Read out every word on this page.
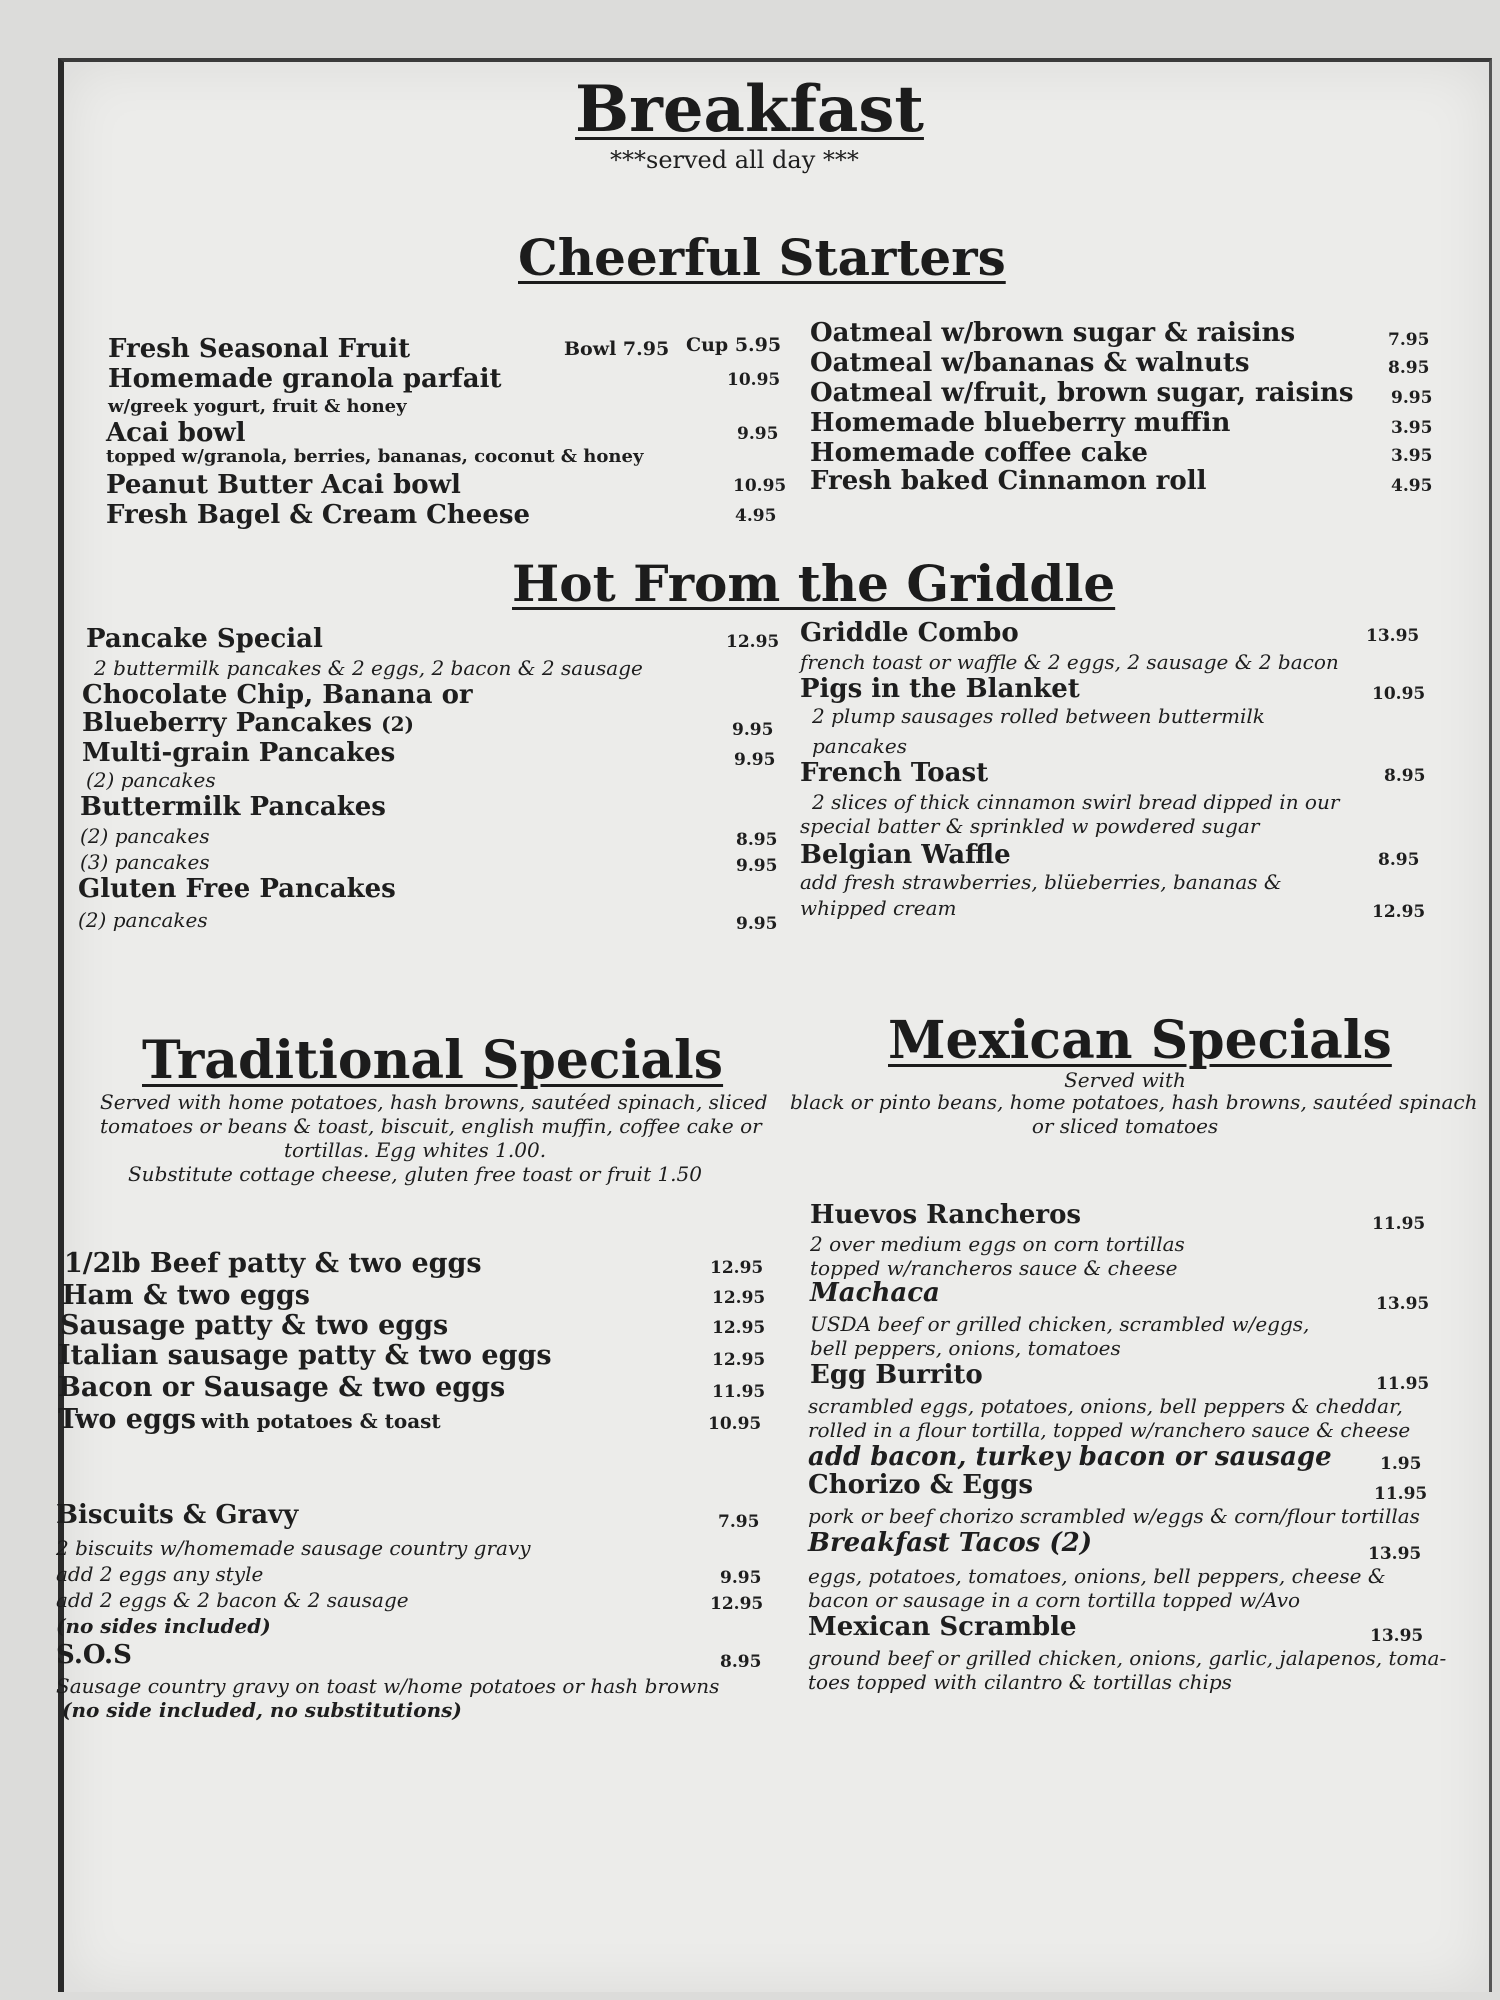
Breakfast
***served all day ***
Cheerful Starters
Fresh Seasonal Fruit	Bowl 7.95 Cup 5.95
Homemade granola parfait	10.95
w/greek yogurt, fruit & honey
Acai bowl	9.95
topped w/granola, berries, bananas, coconut & honey
Peanut Butter Acai bowl	10.95
Fresh Bagel & Cream Cheese	4.95
Oatmeal w/brown sugar & raisins	7.95
Oatmeal w/bananas & walnuts	8.95
Oatmeal w/fruit, brown sugar, raisins 9.95
Homemade blueberry muffin	3.95
Homemade coffee cake	3.95
Fresh baked Cinnamon roll	4.95
Hot From the Griddle
Pancake Special	12.95
2 buttermilk pancakes & 2 eggs, 2 bacon & 2 sausage
Chocolate Chip, Banana or
Blueberry Pancakes (2)	9.95
Multi-grain Pancakes	9.95
(2) pancakes
Buttermilk Pancakes
(2) pancakes	8.95
(3) pancakes	9.95
Gluten Free Pancakes
(2) pancakes	9.95
Griddle Combo	13.95
french toast or waffle & 2 eggs, 2 sausage & 2 bacon
Pigs in the Blanket	10.95
2 plump sausages rolled between buttermilk
pancakes
French Toast	8.95
2 slices of thick cinnamon swirl bread dipped in our
special batter & sprinkled w powdered sugar
Belgian Waffle	8.95
add fresh strawberries, blüeberries, bananas &
whipped cream	12.95
Traditional Specials
Served with home potatoes, hash browns, sautéed spinach, sliced
tomatoes or beans & toast, biscuit, english muffin, coffee cake or
tortillas. Egg whites 1.00.
Substitute cottage cheese, gluten free toast or fruit 1.50
1/2lb Beef patty & two eggs	12.95
Ham & two eggs	12.95
Sausage patty & two eggs	12.95
Italian sausage patty & two eggs	12.95
Bacon or Sausage & two eggs	11.95
Two eggs with potatoes & toast	10.95
Biscuits & Gravy	7.95
2 biscuits w/homemade sausage country gravy
add 2 eggs any style	9.95
add 2 eggs & 2 bacon & 2 sausage	12.95
(no sides included)
S.O.S	8.95
Sausage country gravy on toast w/home potatoes or hash browns
(no side included, no substitutions)
Mexican Specials
Served with
black or pinto beans, home potatoes, hash browns, sautéed spinach
or sliced tomatoes
Huevos Rancheros	11.95
2 over medium eggs on corn tortillas
topped w/rancheros sauce & cheese
Machaca	13.95
USDA beef or grilled chicken, scrambled w/eggs,
bell peppers, onions, tomatoes
Egg Burrito	11.95
scrambled eggs, potatoes, onions, bell peppers & cheddar,
rolled in a flour tortilla, topped w/ranchero sauce & cheese
add bacon, turkey bacon or sausage	1.95
Chorizo & Eggs	11.95
pork or beef chorizo scrambled w/eggs & corn/flour tortillas
Breakfast Tacos (2)	13.95
eggs, potatoes, tomatoes, onions, bell peppers, cheese &
bacon or sausage in a corn tortilla topped w/Avo
Mexican Scramble	13.95
ground beef or grilled chicken, onions, garlic, jalapenos, toma-
toes topped with cilantro & tortillas chips
